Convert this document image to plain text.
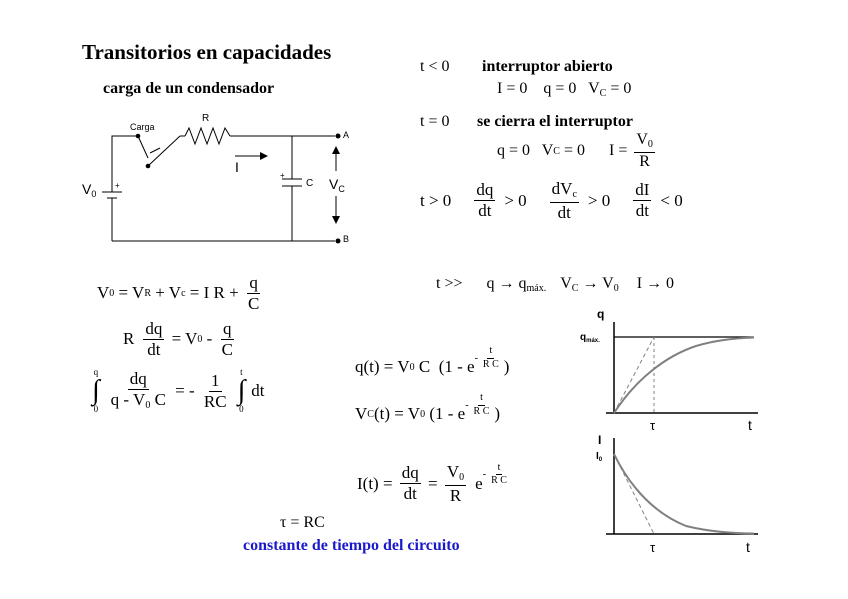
Transitorios en capacidades
carga de un condensador
Carga
R
I
$V_0$
+
+
C $V_C$
A
B
t < 0 interruptor abierto
I = 0    q = 0   $V_C = 0$
t = 0 se cierra el interruptor
q = 0   V C = 0      $I = \frac{V_0}{R}$
$t > 0 \frac{dq}{dt} > 0 \frac{dV_c}{dt} > 0 \frac{dI}{dt} < 0$

$t >> q \to q_{máx.}$ $V_C \to V_0$ I → 0

V 0 = V R + V c = I $R + \frac{q}{C}$
R $\frac{dq}{dt} = V$ $0 - \frac{q}{C}$
q
∫
$0 \frac{dq}{q - V_0 C}$ = - $\frac{1}{RC}$ t
∫
0
dt
q(t) = V 0 C  (1 - e - $\frac{t}{\text{R C}}$ )
V C (t) = V 0 (1 - e - $\frac{t}{\text{R C}}$ )
$I(t) = \frac{dq}{dt} = \frac{V_0}{R}$ e - $\frac{t}{\text{R C}}$
τ = RC
constante de tiempo del circuito
q
$q_{máx.}$
τ	t
I
$I_0$
τ	t
